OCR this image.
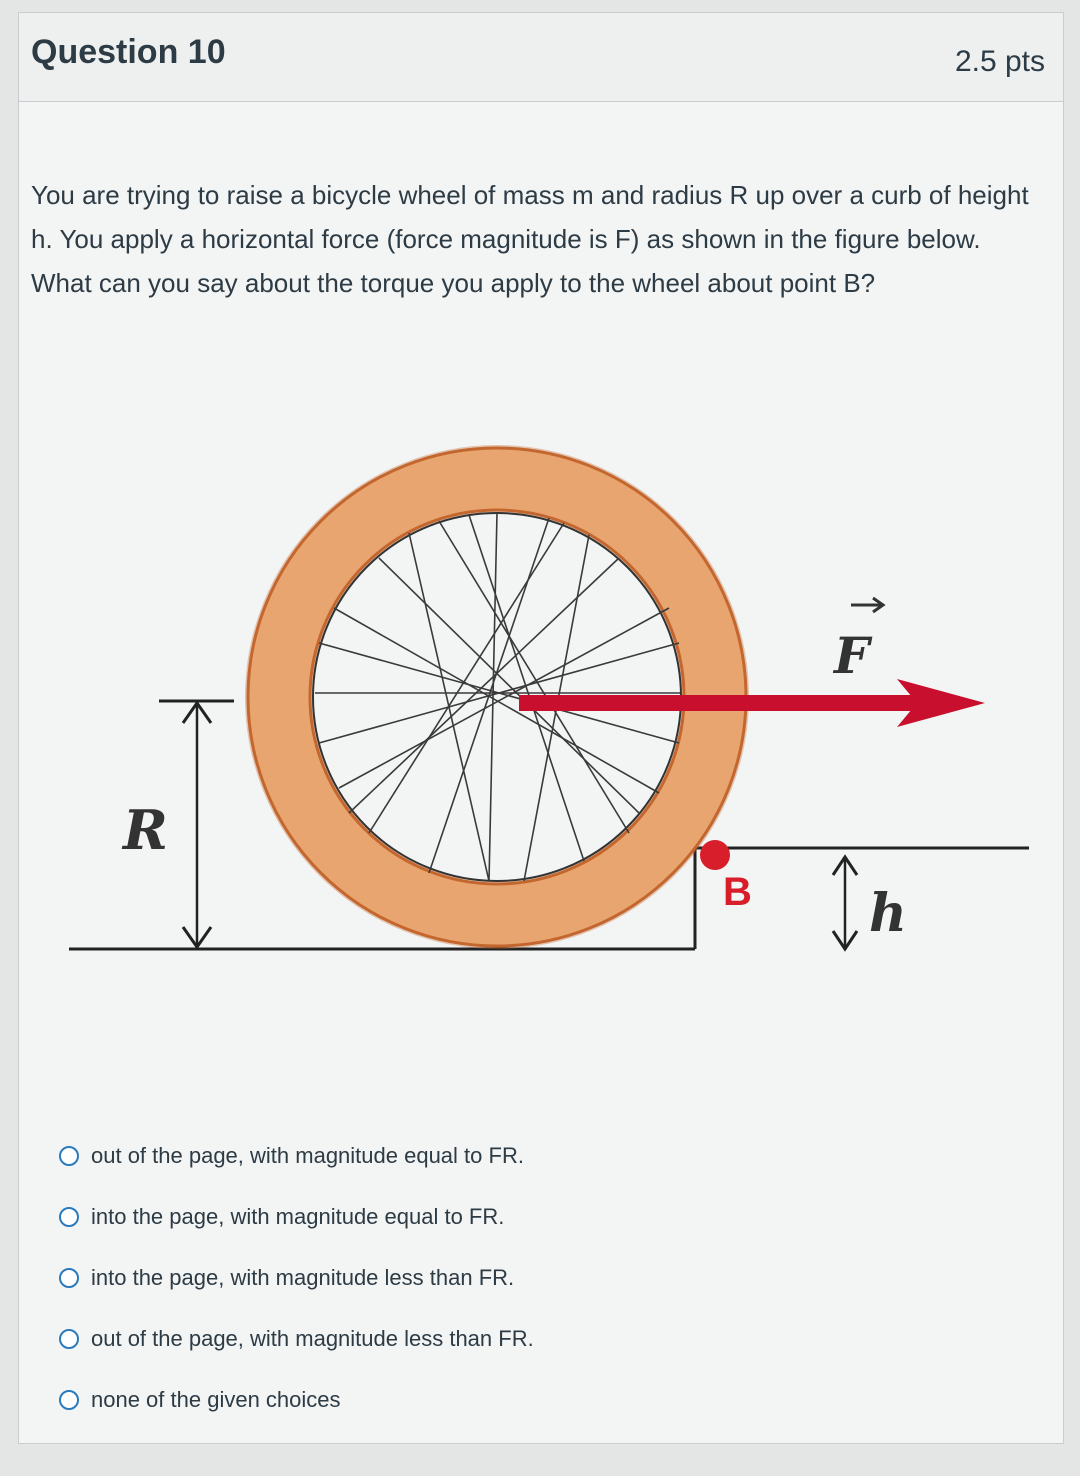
Question 10	2.5 pts
You are trying to raise a bicycle wheel of mass m and radius R up over a curb of height h. You apply a horizontal force (force magnitude is F) as shown in the figure below. What can you say about the torque you apply to the wheel about point B?
R
F
B h
out of the page, with magnitude equal to FR.
into the page, with magnitude equal to FR.
into the page, with magnitude less than FR.
out of the page, with magnitude less than FR.
none of the given choices
